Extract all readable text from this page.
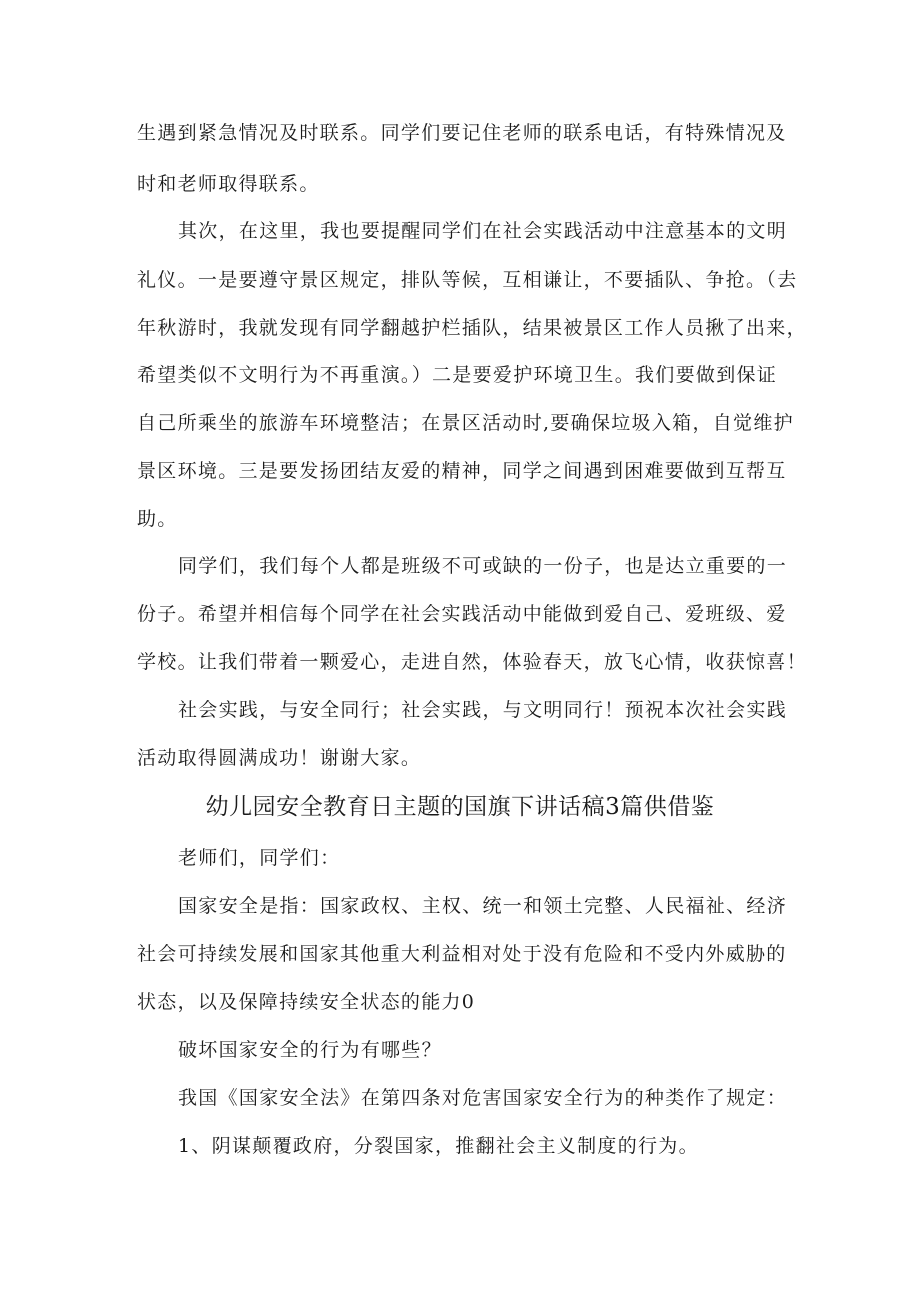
生遇到紧急情况及时联系。同学们要记住老师的联系电话，有特殊情况及
时和老师取得联系。
其次，在这里，我也要提醒同学们在社会实践活动中注意基本的文明
礼仪。一是要遵守景区规定，排队等候，互相谦让，不要插队、争抢。（去
年秋游时，我就发现有同学翻越护栏插队，结果被景区工作人员揪了出来，
希望类似不文明行为不再重演。）二是要爱护环境卫生。我们要做到保证
自己所乘坐的旅游车环境整洁；在景区活动时,要确保垃圾入箱，自觉维护
景区环境。三是要发扬团结友爱的精神，同学之间遇到困难要做到互帮互
助。
同学们，我们每个人都是班级不可或缺的一份子，也是达立重要的一
份子。希望并相信每个同学在社会实践活动中能做到爱自己、爱班级、爱
学校。让我们带着一颗爱心，走进自然，体验春天，放飞心情，收获惊喜！
社会实践，与安全同行；社会实践，与文明同行！预祝本次社会实践
活动取得圆满成功！谢谢大家。
幼儿园安全教育日主题的国旗下讲话稿3篇供借鉴
老师们，同学们：
国家安全是指：国家政权、主权、统一和领土完整、人民福祉、经济
社会可持续发展和国家其他重大利益相对处于没有危险和不受内外威胁的
状态，以及保障持续安全状态的能力0
破坏国家安全的行为有哪些？
我国《国家安全法》在第四条对危害国家安全行为的种类作了规定：
1、阴谋颠覆政府，分裂国家，推翻社会主义制度的行为。
